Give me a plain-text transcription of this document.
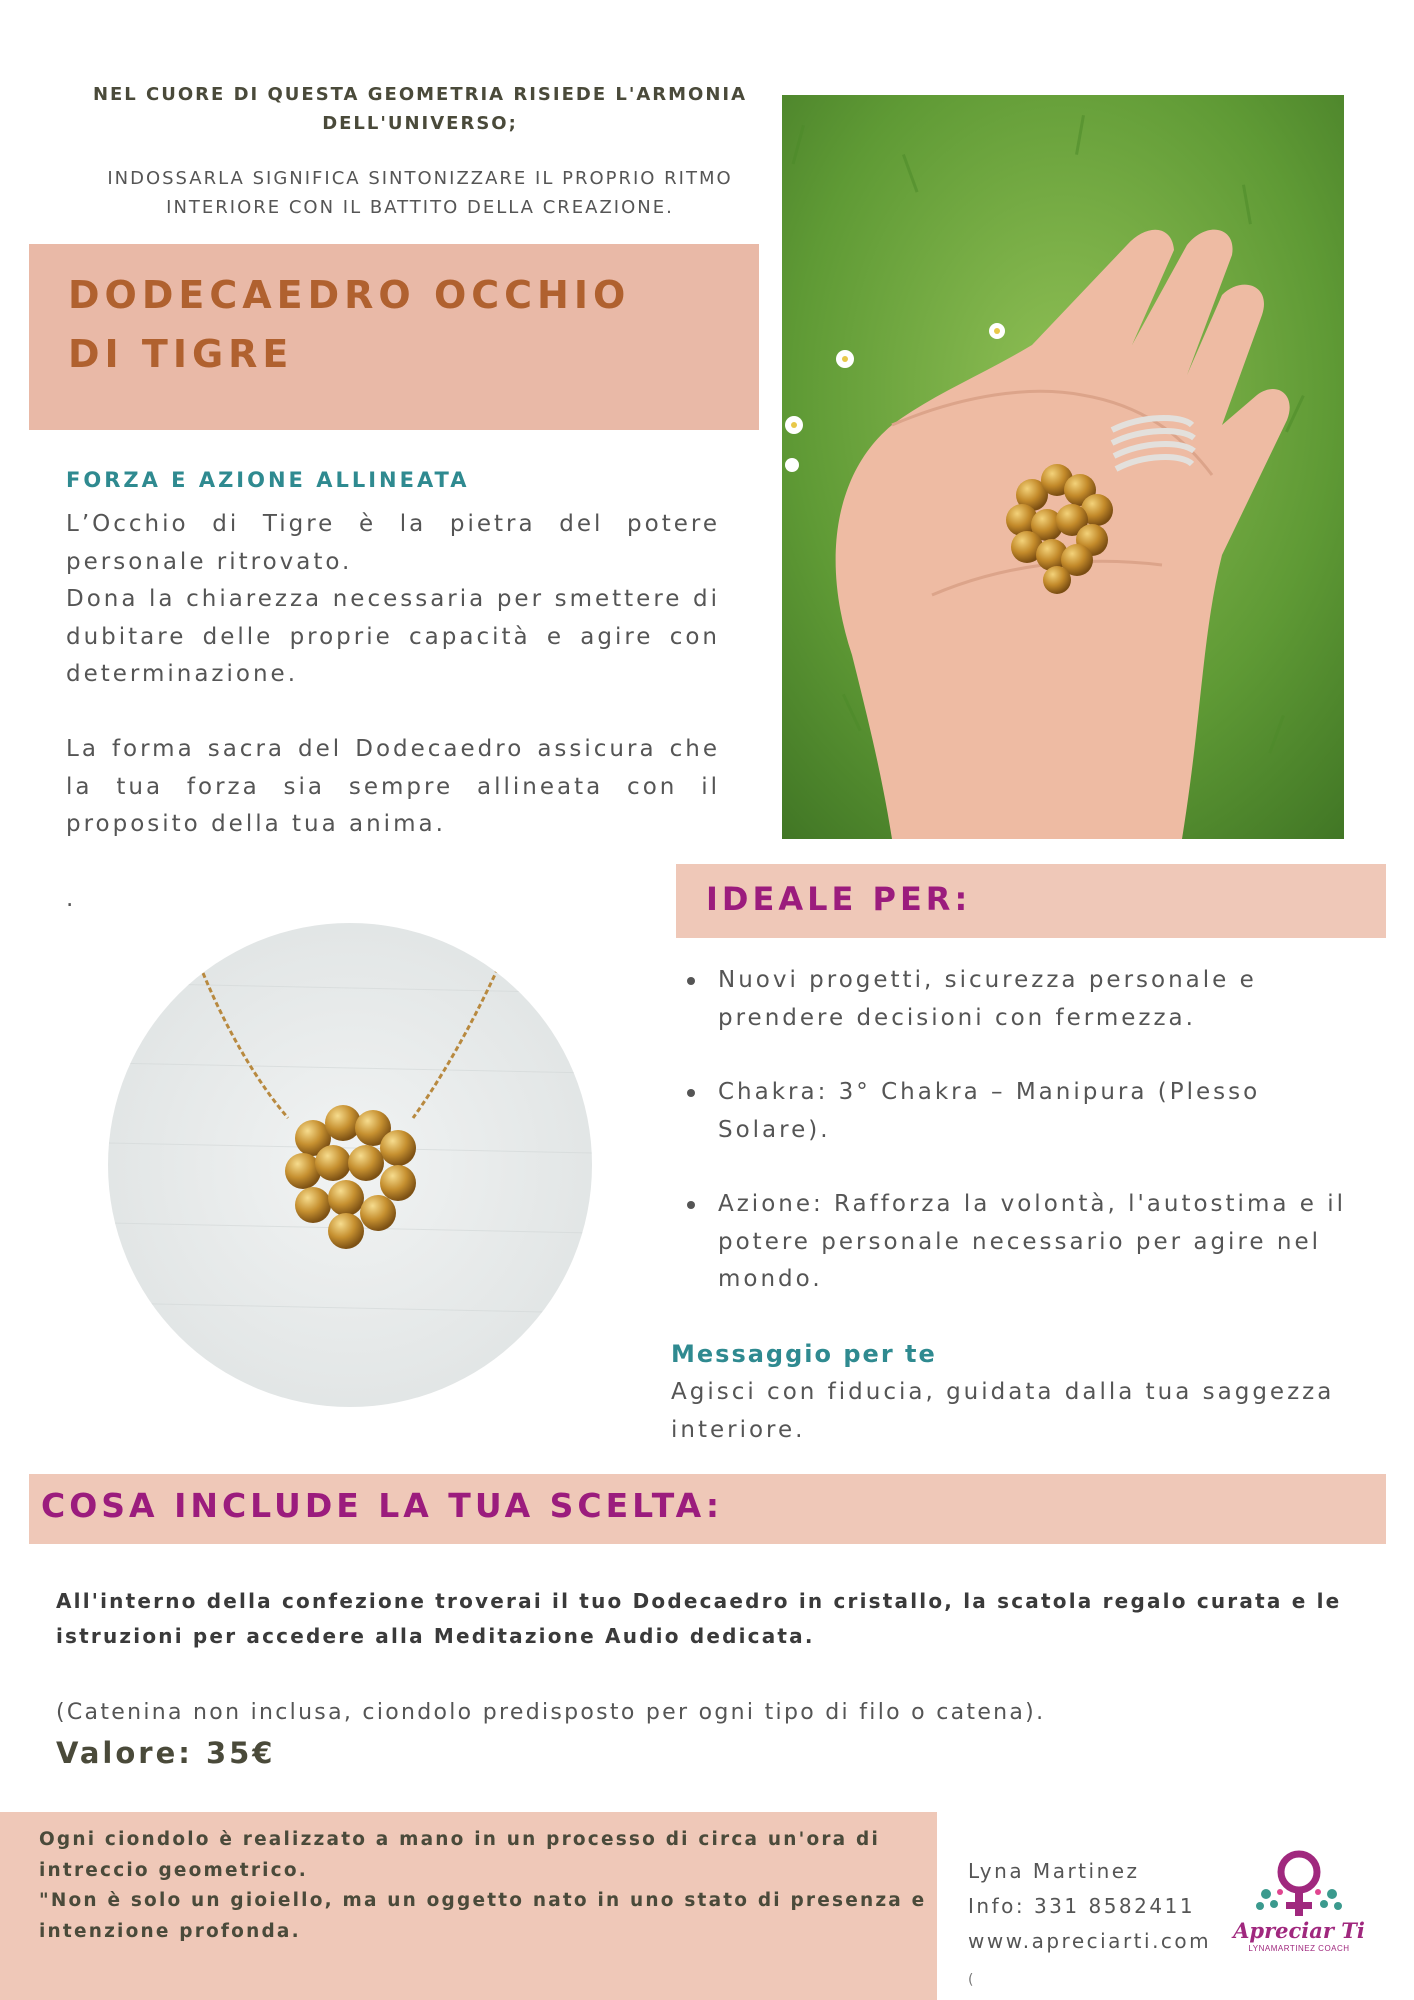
NEL CUORE DI QUESTA GEOMETRIA RISIEDE L'ARMONIA DELL'UNIVERSO;
INDOSSARLA SIGNIFICA SINTONIZZARE IL PROPRIO RITMO INTERIORE CON IL BATTITO DELLA CREAZIONE.
DODECAEDRO OCCHIO
DI TIGRE
FORZA E AZIONE ALLINEATA

L’Occhio di Tigre è la pietra del potere personale ritrovato.

Dona la chiarezza necessaria per smettere di dubitare delle proprie capacità e agire con determinazione.

La forma sacra del Dodecaedro assicura che la tua forza sia sempre allineata con il proposito della tua anima.

.	IDEALE PER:
Nuovi progetti, sicurezza personale e prendere decisioni con fermezza.
Chakra: 3° Chakra – Manipura (Plesso Solare).
Azione: Rafforza la volontà, l'autostima e il potere personale necessario per agire nel mondo.
Messaggio per te
Agisci con fiducia, guidata dalla tua saggezza interiore.
COSA INCLUDE LA TUA SCELTA:
All'interno della confezione troverai il tuo Dodecaedro in cristallo, la scatola regalo curata e le istruzioni per accedere alla Meditazione Audio dedicata.
(Catenina non inclusa, ciondolo predisposto per ogni tipo di filo o catena).
Valore: 35€
Ogni ciondolo è realizzato a mano in un processo di circa un'ora di intreccio geometrico.
"Non è solo un gioiello, ma un oggetto nato in uno stato di presenza e intenzione profonda.
Lyna Martinez
Info: 331 8582411
www.apreciarti.com
(
Apreciar Ti
LYNAMARTINEZ COACH
